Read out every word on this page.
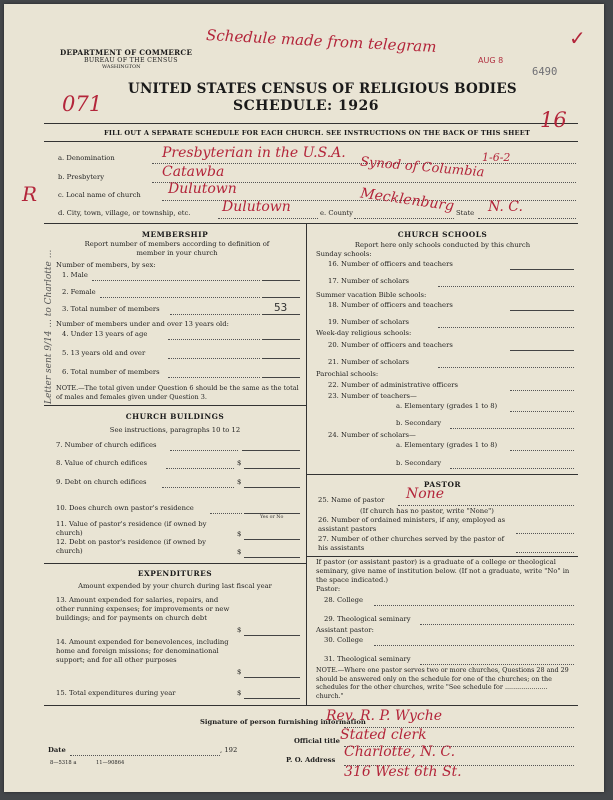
DEPARTMENT OF COMMERCE
BUREAU OF THE CENSUS
WASHINGTON
UNITED STATES CENSUS OF RELIGIOUS BODIES
SCHEDULE: 1926
FILL OUT A SEPARATE SCHEDULE FOR EACH CHURCH. SEE INSTRUCTIONS ON THE BACK OF THIS SHEET
AUG 8
6490
Schedule made from telegram
071
16
✓
R
Letter sent 9/14 ... to Charlotte ...
a. Denomination	Presbyterian in the U.S.A.	1-6-2
b. Presbytery	Catawba	Synod of Columbia
c. Local name of church Dulutown
d. City, town, village, or township, etc. Dulutown	e. County Mecklenburg State N. C.
MEMBERSHIP
Report number of members according to definition of member in your church
Number of members, by sex:
1. Male
2. Female
3. Total number of members	53
Number of members under and over 13 years old:
4. Under 13 years of age
5. 13 years old and over
6. Total number of members
NOTE.—The total given under Question 6 should be the same as the total of males and females given under Question 3.
CHURCH BUILDINGS
See instructions, paragraphs 10 to 12
7. Number of church edifices
8. Value of church edifices	$
9. Debt on church edifices	$
10. Does church own pastor's residence
Yes or No
11. Value of pastor's residence (if owned by church)	$
12. Debt on pastor's residence (if owned by church)	$
EXPENDITURES
Amount expended by your church during last fiscal year
13. Amount expended for salaries, repairs, and other running expenses; for improvements or new buildings; and for payments on church debt
$
14. Amount expended for benevolences, including home and foreign missions; for denominational support; and for all other purposes
$
15. Total expenditures during year	$
CHURCH SCHOOLS
Report here only schools conducted by this church
Sunday schools:
16. Number of officers and teachers
17. Number of scholars
Summer vacation Bible schools:
18. Number of officers and teachers
19. Number of scholars
Week-day religious schools:
20. Number of officers and teachers
21. Number of scholars
Parochial schools:
22. Number of administrative officers
23. Number of teachers—
a. Elementary (grades 1 to 8)
b. Secondary
24. Number of scholars—
a. Elementary (grades 1 to 8)
b. Secondary
PASTOR
25. Name of pastor None
(If church has no pastor, write "None")
26. Number of ordained ministers, if any, employed as assistant pastors
27. Number of other churches served by the pastor of his assistants
If pastor (or assistant pastor) is a graduate of a college or theological seminary, give name of institution below. (If not a graduate, write "No" in the space indicated.)
Pastor:
28. College
29. Theological seminary
Assistant pastor:
30. College
31. Theological seminary
NOTE.—Where one pastor serves two or more churches, Questions 28 and 29 should be answered only on the schedule for one of the churches; on the schedules for the other churches, write "See schedule for ..................... church."
Signature of person furnishing information
Rev. R. P. Wyche
Official title Stated clerk
P. O. Address Charlotte, N. C.
316 West 6th St.
Date	, 192
8—5318 a	11—90864
